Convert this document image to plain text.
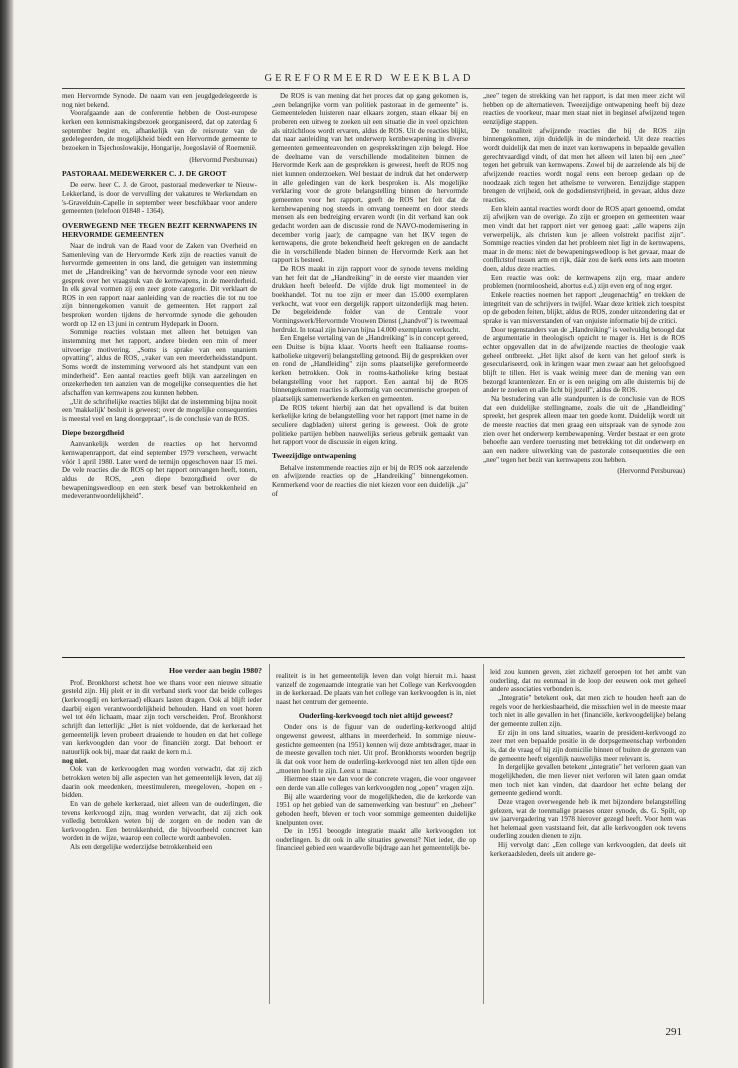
GEREFORMEERD WEEKBLAD

men Hervormde Synode. De naam van een jeugdgedelegeerde is nog niet bekend.

Voorafgaande aan de conferentie hebben de Oost-europese kerken een kennismakingsbezoek georganiseerd, dat op zaterdag 6 september begint en, afhankelijk van de reisroute van de gedelegeerden, de mogelijkheid biedt een Hervormde gemeente te bezoeken in Tsjechoslowakije, Hongarije, Joegoslavië of Roemenië.

(Hervormd Persbureau)

PASTORAAL MEDEWERKER C. J. DE GROOT

De eerw. heer C. J. de Groot, pastoraal medewerker te Nieuw-Lekkerland, is door de vervulling der vakatures te Werkendam en 's-Gravelduin-Capelle in september weer beschikbaar voor andere gemeenten (telefoon 01848 - 1364).

OVERWEGEND NEE TEGEN BEZIT KERNWAPENS IN HERVORMDE GEMEENTEN

Naar de indruk van de Raad voor de Zaken van Overheid en Samenleving van de Hervormde Kerk zijn de reacties vanuit de hervormde gemeenten in ons land, die getuigen van instemming met de „Handreiking" van de hervormde synode voor een nieuw gesprek over het vraagstuk van de kernwapens, in de meerderheid. In elk geval vormen zij een zeer grote categorie. Dit verklaart de ROS in een rapport naar aanleiding van de reacties die tot nu toe zijn binnengekomen vanuit de gemeenten. Het rapport zal besproken worden tijdens de hervormde synode die gehouden wordt op 12 en 13 juni in centrum Hydepark in Doorn.

Sommige reacties volstaan met alleen het betuigen van instemming met het rapport, andere bieden een min of meer uitvoerige motivering. „Soms is sprake van een unaniem opvatting", aldus de ROS, „vaker van een meerderheidsstandpunt. Soms wordt de instemming verwoord als het standpunt van een minderheid". Een aantal reacties geeft blijk van aarzelingen en onzekerheden ten aanzien van de mogelijke consequenties die het afschaffen van kernwapens zou kunnen hebben.

„Uit de schriftelijke reacties blijkt dat de instemming bijna nooit een 'makkelijk' besluit is geweest; over de mogelijke consequenties is meestal veel en lang doorgepraat", is de conclusie van de ROS.

Diepe bezorgdheid

Aanvankelijk werden de reacties op het hervormd kernwapenrapport, dat eind september 1979 verscheen, verwacht vóór 1 april 1980. Later werd de termijn opgeschoven naar 15 mei. De vele reacties die de ROS op het rapport ontvangen heeft, tonen, aldus de ROS, „een diepe bezorgdheid over de bewapeningswedloop en een sterk besef van betrokkenheid en medeverantwoordelijkheid".

De ROS is van mening dat het proces dat op gang gekomen is, „een belangrijke vorm van politiek pastoraat in de gemeente" is. Gemeenteleden luisteren naar elkaars zorgen, staan elkaar bij en proberen een uitweg te zoeken uit een situatie die in veel opzichten als uitzichtloos wordt ervaren, aldus de ROS. Uit de reacties blijkt, dat naar aanleiding van het onderwerp kernbewapening in diverse gemeenten gemeenteavonden en gesprekskringen zijn belegd. Hoe de deelname van de verschillende modaliteiten binnen de Hervormde Kerk aan de gesprekken is geweest, heeft de ROS nog niet kunnen onderzoeken. Wel bestaat de indruk dat het onderwerp in alle geledingen van de kerk besproken is. Als mogelijke verklaring voor de grote belangstelling binnen de hervormde gemeenten voor het rapport, geeft de ROS het feit dat de kernbewapening nog steeds in omvang toeneemt en door steeds mensen als een bedreiging ervaren wordt (in dit verband kan ook gedacht worden aan de discussie rond de NAVO-modernisering in december vorig jaar); de campagne van het IKV tegen de kernwapens, die grote bekendheid heeft gekregen en de aandacht die in verschillende bladen binnen de Hervormde Kerk aan het rapport is besteed.

De ROS maakt in zijn rapport voor de synode tevens melding van het feit dat de „Handreiking" in de eerste vier maanden vier drukken heeft beleefd. De vijfde druk ligt momenteel in de boekhandel. Tot nu toe zijn er meer dan 15.000 exemplaren verkocht, wat voor een dergelijk rapport uitzonderlijk mag heten. De begeleidende folder van de Centrale voor Vormingswerk/Hervormde Vrouwen Dienst („handvol") is tweemaal herdrukt. In totaal zijn hiervan bijna 14.000 exemplaren verkocht.

Een Engelse vertaling van de „Handreiking" is in concept gereed, een Duitse is bijna klaar. Voorts heeft een Italiaanse rooms-katholieke uitgeverij belangstelling getoond. Bij de gesprekken over en rond de „Handleiding" zijn soms plaatselijke gereformeerde kerken betrokken. Ook in rooms-katholieke kring bestaat belangstelling voor het rapport. Een aantal bij de ROS binnengekomen reacties is afkomstig van oecumenische groepen of plaatselijk samenwerkende kerken en gemeenten.

De ROS tekent hierbij aan dat het opvallend is dat buiten kerkelijke kring de belangstelling voor het rapport (met name in de seculiere dagbladen) uiterst gering is geweest. Ook de grote politieke partijen hebben nauwelijks serieus gebruik gemaakt van het rapport voor de discussie in eigen kring.

Tweezijdige ontwapening

Behalve instemmende reacties zijn er bij de ROS ook aarzelende en afwijzende reacties op de „Handreiking" binnengekomen. Kenmerkend voor de reacties die niet kiezen voor een duidelijk „ja" of

„nee" tegen de strekking van het rapport, is dat men meer zicht wil hebben op de alternatieven. Tweezijdige ontwapening heeft bij deze reacties de voorkeur, maar men staat niet in beginsel afwijzend tegen eenzijdige stappen.

De tonaliteit afwijzende reacties die bij de ROS zijn binnengekomen, zijn duidelijk in de minderheid. Uit deze reacties wordt duidelijk dat men de inzet van kernwapens in bepaalde gevallen gerechtvaardigd vindt, of dat men het alleen wil laten bij een „nee" tegen het gebruik van kernwapens. Zowel bij de aarzelende als bij de afwijzende reacties wordt nogal eens een beroep gedaan op de noodzaak zich tegen het atheïsme te verweren. Eenzijdige stappen brengen de vrijheid, ook de godsdienstvrijheid, in gevaar, aldus deze reacties.

Een klein aantal reacties wordt door de ROS apart genoemd, omdat zij afwijken van de overige. Zo zijn er groepen en gemeenten waar men vindt dat het rapport niet ver genoeg gaat: „alle wapens zijn verwerpelijk, als christen kun je alleen volstrekt pacifist zijn". Sommige reacties vinden dat het probleem niet ligt in de kernwapens, maar in de mens: niet de bewapeningswedloop is het gevaar, maar de conflictstof tussen arm en rijk, dáár zou de kerk eens iets aan moeten doen, aldus deze reacties.

Een reactie was ook: de kernwapens zijn erg, maar andere problemen (normloosheid, abortus e.d.) zijn even erg of nog erger.

Enkele reacties noemen het rapport „leugenachtig" en trekken de integriteit van de schrijvers in twijfel. Waar deze kritiek zich toespitst op de geboden feiten, blijkt, aldus de ROS, zonder uitzondering dat er sprake is van misverstanden of van onjuiste informatie bij de critici.

Door tegenstanders van de „Handreiking" is veelvuldig betoogd dat de argumentatie in theologisch opzicht te mager is. Het is de ROS echter opgevallen dat in de afwijzende reacties de theologie vaak geheel ontbreekt. „Het lijkt alsof de kern van het geloof sterk is geseculariseerd, ook in kringen waar men zwaar aan het geloofsgoed blijft te tillen. Het is vaak weinig meer dan de mening van een bezorgd krantenlezer. En er is een neiging om alle duisternis bij de ander te zoeken en alle licht bij jezelf", aldus de ROS.

Na bestudering van alle standpunten is de conclusie van de ROS dat een duidelijke stellingname, zoals die uit de „Handleiding" spreekt, het gesprek alleen maar ten goede komt. Duidelijk wordt uit de meeste reacties dat men graag een uitspraak van de synode zou zien over het onderwerp kernbewapening. Verder bestaat er een grote behoefte aan verdere toerusting met betrekking tot dit onderwerp en aan een nadere uitwerking van de pastorale consequenties die een „nee" tegen het bezit van kernwapens zou hebben.

(Hervormd Persbureau)

Hoe verder aan begin 1980?

Prof. Bronkhorst schetst hoe we thans voor een nieuwe situatie gesteld zijn. Hij pleit er in dit verband sterk voor dat beide colleges (kerkvoogdij en kerkeraad) elkaars lasten dragen. Ook al blijft ieder daarbij eigen verantwoordelijkheid behouden. Hand en voet horen wel tot één lichaam, maar zijn toch verscheiden. Prof. Bronkhorst schrijft dan letterlijk: „Het is niet voldoende, dat de kerkeraad het gemeentelijk leven probeert draaiende te houden en dat het college van kerkvoogden dan voor de financiën zorgt. Dat behoort er natuurlijk ook bij, maar dat raakt de kern m.i.

nog niet.

Ook van de kerkvoogden mag worden verwacht, dat zij zich betrokken weten bij alle aspecten van het gemeentelijk leven, dat zij daarin ook meedenken, meestimuleren, meegeloven, -hopen en -bidden.

En van de gehele kerkeraad, niet alleen van de ouderlingen, die tevens kerkvoogd zijn, mag worden verwacht, dat zij zich ook volledig betrokken weten bij de zorgen en de noden van de kerkvoogden. Een betrokkenheid, die bijvoorbeeld concreet kan worden in de wijze, waarop een collecte wordt aanbevolen.

Als een dergelijke wederzijdse betrokkenheid een

realiteit is in het gemeentelijk leven dan volgt hieruit m.i. haast vanzelf de zogenaamde integratie van het College van Kerkvoogden in de kerkeraad. De plaats van het college van kerkvoogden is in, niet naast het centrum der gemeente.

Ouderling-kerkvoogd toch niet altijd geweest?

Onder ons is de figuur van de ouderling-kerkvoogd altijd ongewenst geweest, althans in meerderheid. In sommige nieuw-gestichte gemeenten (na 1951) kennen wij deze ambtsdrager, maar in de meeste gevallen toch niet. Uit prof. Bronkhorsts woorden begrijp ik dat ook voor hem de ouderling-kerkvoogd niet ten allen tijde een „moeten hoeft te zijn. Leest u maar.

Hiermee staan we dan voor de concrete vragen, die voor ongeveer een derde van alle colleges van kerkvoogden nog „open" vragen zijn.

Bij alle waardering voor de mogelijkheden, die de kerkorde van 1951 op het gebied van de samenwerking van bestuur" en „beheer" geboden heeft, bleven er toch voor sommige gemeenten duidelijke knelpunten over.

De in 1951 beoogde integratie maakt alle kerkvoogden tot ouderlingen. Is dit ook in alle situaties gewenst? Niet ieder, die op financieel gebied een waardevolle bijdrage aan het gemeentelijk be-

leid zou kunnen geven, ziet zichzelf geroepen tot het ambt van ouderling, dat nu eenmaal in de loop der eeuwen ook met geheel andere associaties verbonden is.

„Integratie" betekent ook, dat men zich te houden heeft aan de regels voor de herkiesbaarheid, die misschien wel in de meeste maar toch niet in alle gevallen in het (financiële, kerkvoogdelijke) belang der gemeente zullen zijn.

Er zijn in ons land situaties, waarin de president-kerkvoogd zo zeer met een bepaalde positie in de dorpsgemeenschap verbonden is, dat de vraag of hij zijn domicilie binnen of buiten de grenzen van de gemeente heeft eigenlijk nauwelijks meer relevant is.

In dergelijke gevallen betekent „integratie" het verloren gaan van mogelijkheden, die men liever niet verloren wil laten gaan omdat men toch niet kan vinden, dat daardoor het echte belang der gemeente gediend wordt.

Deze vragen overwegende heb ik met bijzondere belangstelling gelezen, wat de toenmalige praeses onzer synode, ds. G. Spilt, op uw jaarvergadering van 1978 hierover gezegd heeft. Voor hem was het helemaal geen vaststaand feit, dat alle kerkvoogden ook tevens ouderling zouden dienen te zijn.

Hij vervolgt dan: „Een college van kerkvoogden, dat deels uit kerkeraadsleden, deels uit andere ge-

291
